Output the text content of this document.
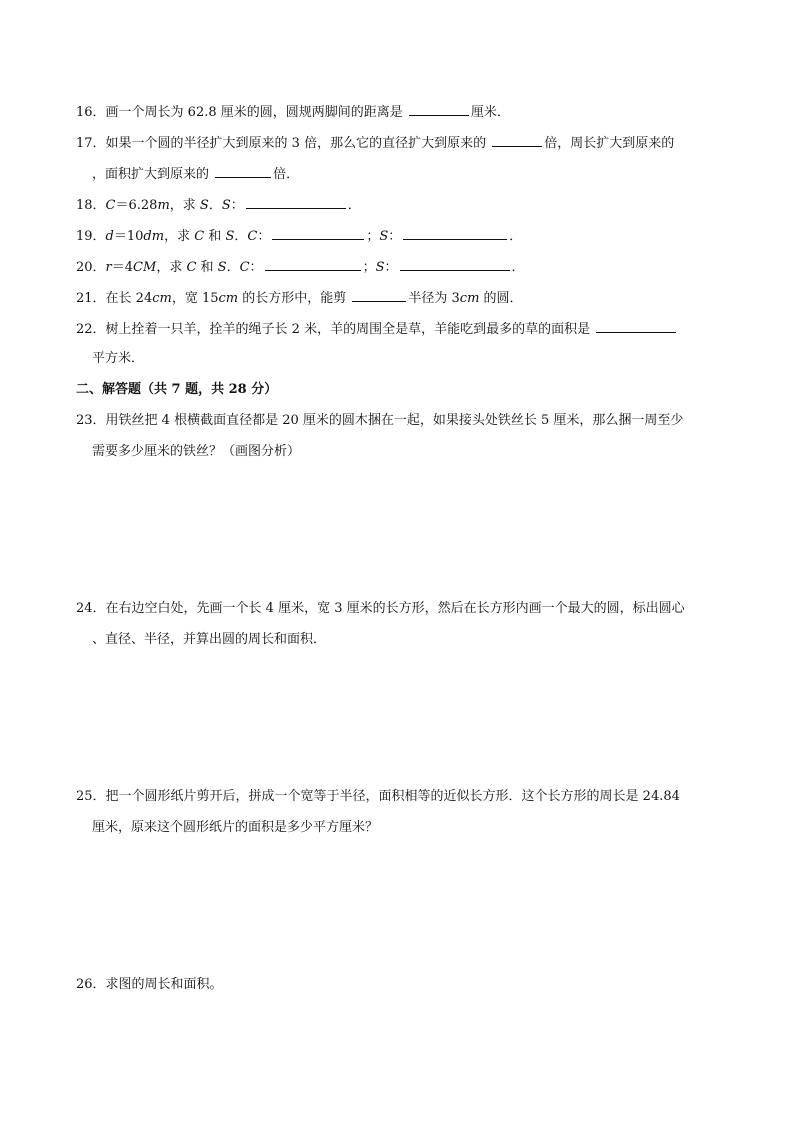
16．画一个周长为 62.8 厘米的圆，圆规两脚间的距离是	厘米．
17．如果一个圆的半径扩大到原来的 3 倍，那么它的直径扩大到原来的	倍，周长扩大到原来的
，面积扩大到原来的	倍．
18．C＝6.28m，求 S．S：	．
19．d＝10dm，求 C 和 S．C：	；S：	．
20．r＝4CM，求 C 和 S．C：	；S：	．
21．在长 24cm，宽 15cm 的长方形中，能剪	半径为 3cm 的圆．
22．树上拴着一只羊，拴羊的绳子长 2 米，羊的周围全是草，羊能吃到最多的草的面积是
平方米．
二、解答题（共 7 题，共 28 分）
23．用铁丝把 4 根横截面直径都是 20 厘米的圆木捆在一起，如果接头处铁丝长 5 厘米，那么捆一周至少
需要多少厘米的铁丝？（画图分析）
24．在右边空白处，先画一个长 4 厘米，宽 3 厘米的长方形，然后在长方形内画一个最大的圆，标出圆心
、直径、半径，并算出圆的周长和面积．
25．把一个圆形纸片剪开后，拼成一个宽等于半径，面积相等的近似长方形．这个长方形的周长是 24.84
厘米，原来这个圆形纸片的面积是多少平方厘米？
26．求图的周长和面积。
